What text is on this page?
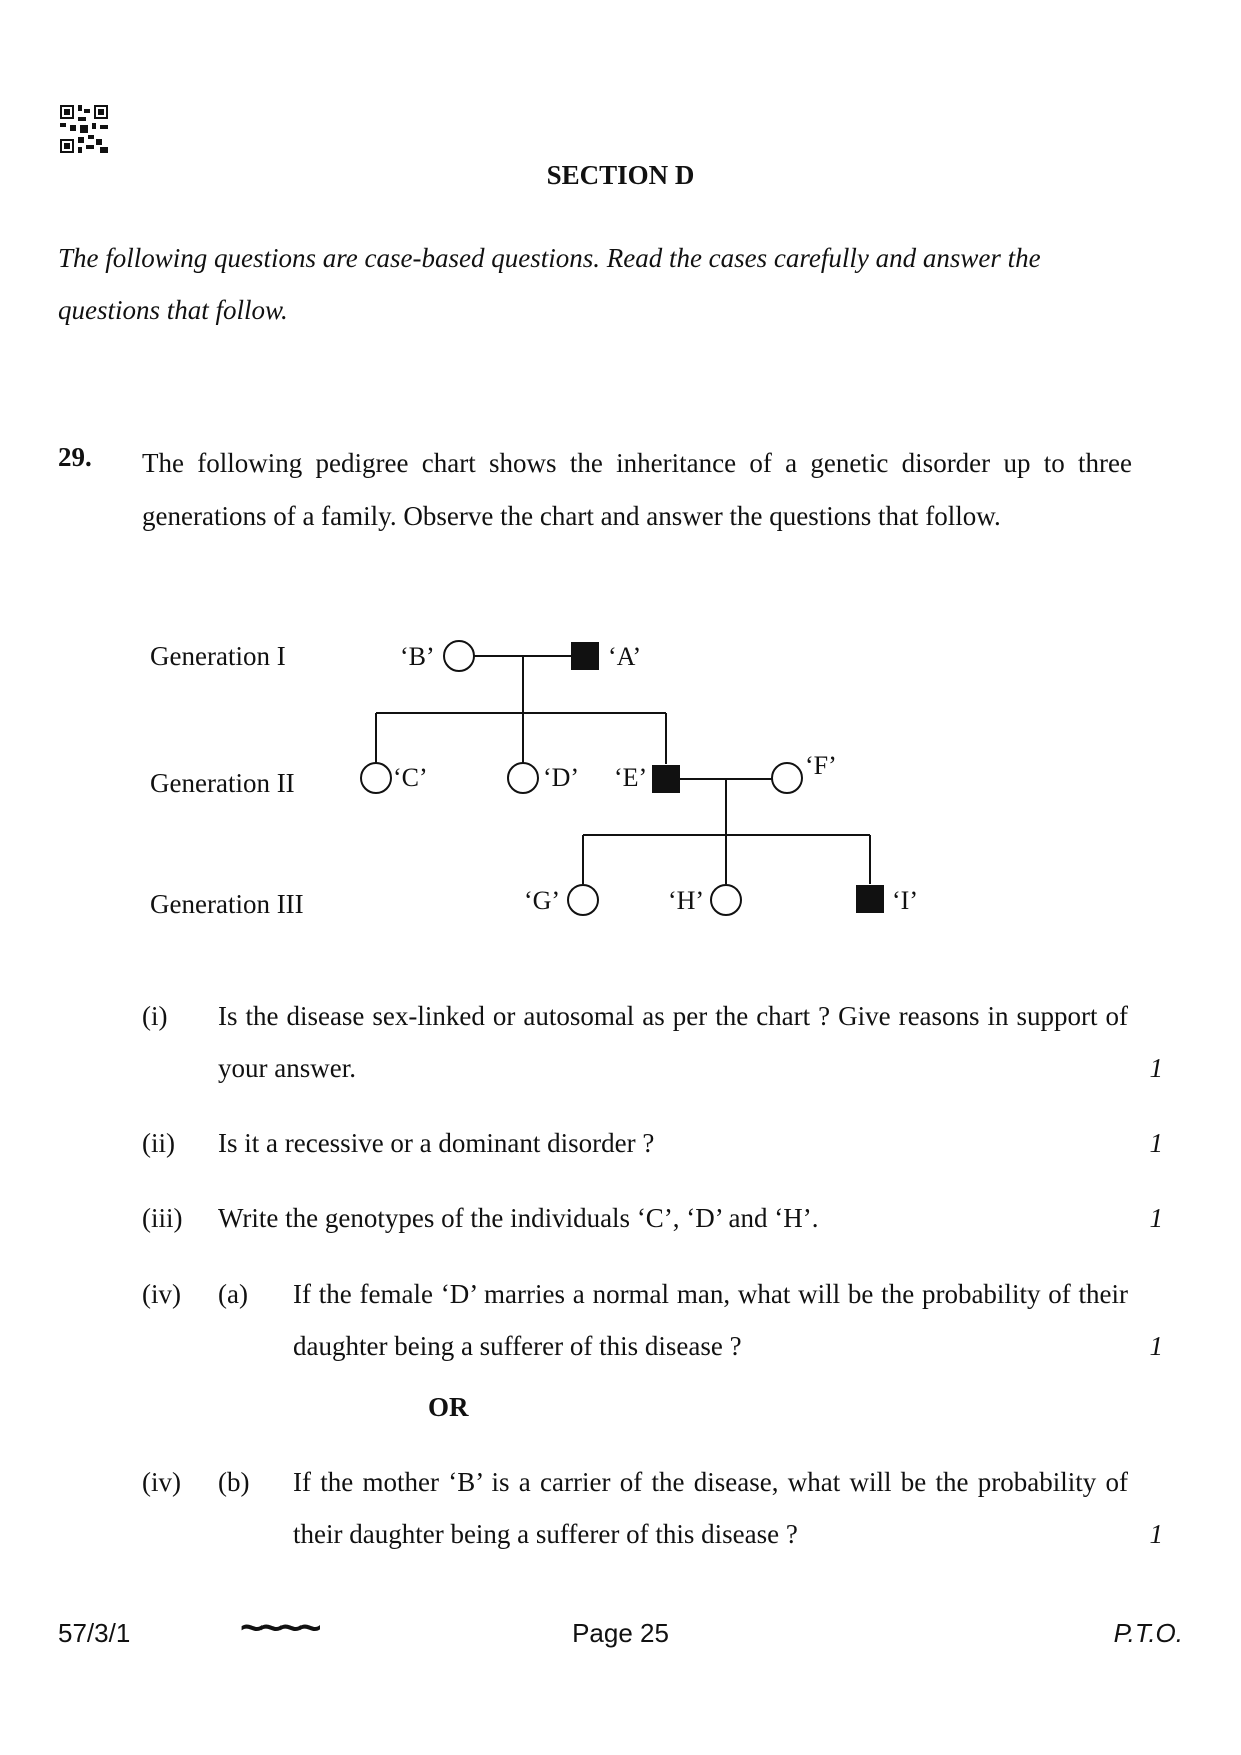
SECTION D
The following questions are case-based questions. Read the cases carefully and answer the questions that follow.
29. The following pedigree chart shows the inheritance of a genetic disorder up to three generations of a family. Observe the chart and answer the questions that follow.
Generation I
Generation II
Generation III
‘B’	‘A’
‘C’	‘D’ ‘E’	‘F’
‘G’	‘H’	‘I’
(i) Is the disease sex-linked or autosomal as per the chart ? Give reasons in support of your answer.	1
(ii) Is it a recessive or a dominant disorder ?	1
(iii) Write the genotypes of the individuals ‘C’, ‘D’ and ‘H’.	1
(iv) (a) If the female ‘D’ marries a normal man, what will be the probability of their daughter being a sufferer of this disease ?	1
OR
(iv) (b) If the mother ‘B’ is a carrier of the disease, what will be the probability of their daughter being a sufferer of this disease ?	1
57/3/1	~~~~	Page 25	P.T.O.
